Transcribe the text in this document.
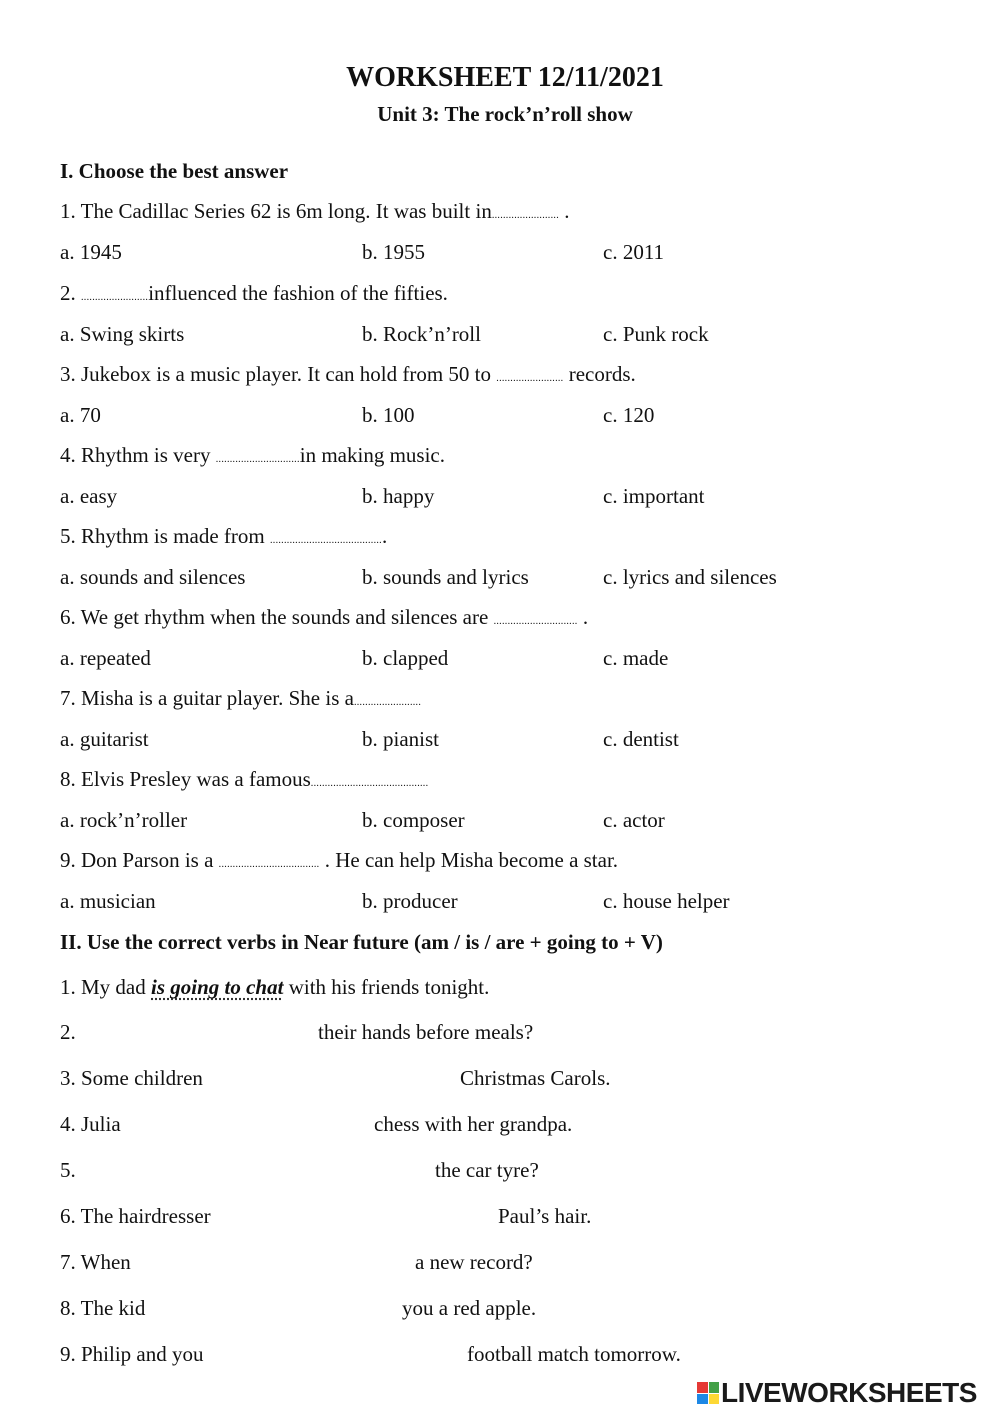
WORKSHEET 12/11/2021
Unit 3: The rock’n’roll show
I. Choose the best answer
1. The Cadillac Series 62 is 6m long. It was built in........................ .
a. 1945	b. 1955	c. 2011
2. ........................influenced the fashion of the fifties.
a. Swing skirts	b. Rock’n’roll	c. Punk rock
3. Jukebox is a music player. It can hold from 50 to ........................ records.
a. 70	b. 100	c. 120
4. Rhythm is very ..............................in making music.
a. easy	b. happy	c. important
5. Rhythm is made from .........................................
a. sounds and silences	b. sounds and lyrics	c. lyrics and silences
6. We get rhythm when the sounds and silences are .............................. .
a. repeated	b. clapped	c. made
7. Misha is a guitar player. She is a........................
a. guitarist	b. pianist	c. dentist
8. Elvis Presley was a famous..........................................
a. rock’n’roller	b. composer	c. actor
9. Don Parson is a .................................... . He can help Misha become a star.
a. musician	b. producer	c. house helper
II. Use the correct verbs in Near future (am / is / are + going to + V)
1. My dad is going to chat with his friends tonight.
2.	their hands before meals?
3. Some children	Christmas Carols.
4. Julia	chess with her grandpa.
5.	the car tyre?
6. The hairdresser	Paul’s hair.
7. When	a new record?
8. The kid	you a red apple.
9. Philip and you	football match tomorrow.
LIVEWORKSHEETS
